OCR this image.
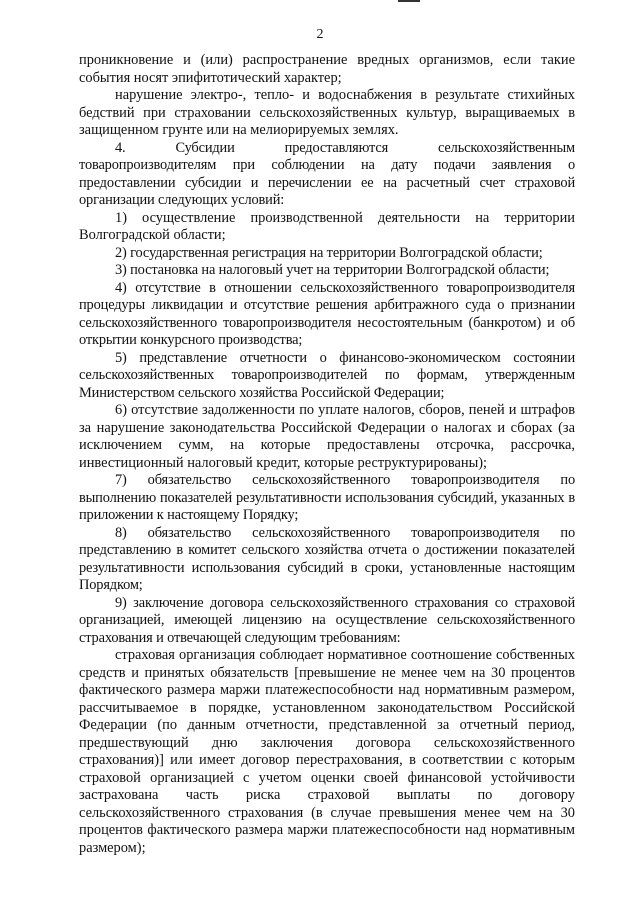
2

проникновение и (или) распространение вредных организмов, если такие события носят эпифитотический характер;

нарушение электро-, тепло- и водоснабжения в результате стихийных бедствий при страховании сельскохозяйственных культур, выращиваемых в защищенном грунте или на мелиорируемых землях.

4. Субсидии предоставляются сельскохозяйственным товаропроизводителям при соблюдении на дату подачи заявления о предоставлении субсидии и перечислении ее на расчетный счет страховой организации следующих условий:

1) осуществление производственной деятельности на территории Волгоградской области;

2) государственная регистрация на территории Волгоградской области;

3) постановка на налоговый учет на территории Волгоградской области;

4) отсутствие в отношении сельскохозяйственного товаропроизводителя процедуры ликвидации и отсутствие решения арбитражного суда о признании сельскохозяйственного товаропроизводителя несостоятельным (банкротом) и об открытии конкурсного производства;

5) представление отчетности о финансово-экономическом состоянии сельскохозяйственных товаропроизводителей по формам, утвержденным Министерством сельского хозяйства Российской Федерации;

6) отсутствие задолженности по уплате налогов, сборов, пеней и штрафов за нарушение законодательства Российской Федерации о налогах и сборах (за исключением сумм, на которые предоставлены отсрочка, рассрочка, инвестиционный налоговый кредит, которые реструктурированы);

7) обязательство сельскохозяйственного товаропроизводителя по выполнению показателей результативности использования субсидий, указанных в приложении к настоящему Порядку;

8) обязательство сельскохозяйственного товаропроизводителя по представлению в комитет сельского хозяйства отчета о достижении показателей результативности использования субсидий в сроки, установленные настоящим Порядком;

9) заключение договора сельскохозяйственного страхования со страховой организацией, имеющей лицензию на осуществление сельскохозяйственного страхования и отвечающей следующим требованиям:

страховая организация соблюдает нормативное соотношение собственных средств и принятых обязательств [превышение не менее чем на 30 процентов фактического размера маржи платежеспособности над нормативным размером, рассчитываемое в порядке, установленном законодательством Российской Федерации (по данным отчетности, представленной за отчетный период, предшествующий дню заключения договора сельскохозяйственного страхования)] или имеет договор перестрахования, в соответствии с которым страховой организацией с учетом оценки своей финансовой устойчивости застрахована часть риска страховой выплаты по договору сельскохозяйственного страхования (в случае превышения менее чем на 30 процентов фактического размера маржи платежеспособности над нормативным размером);
